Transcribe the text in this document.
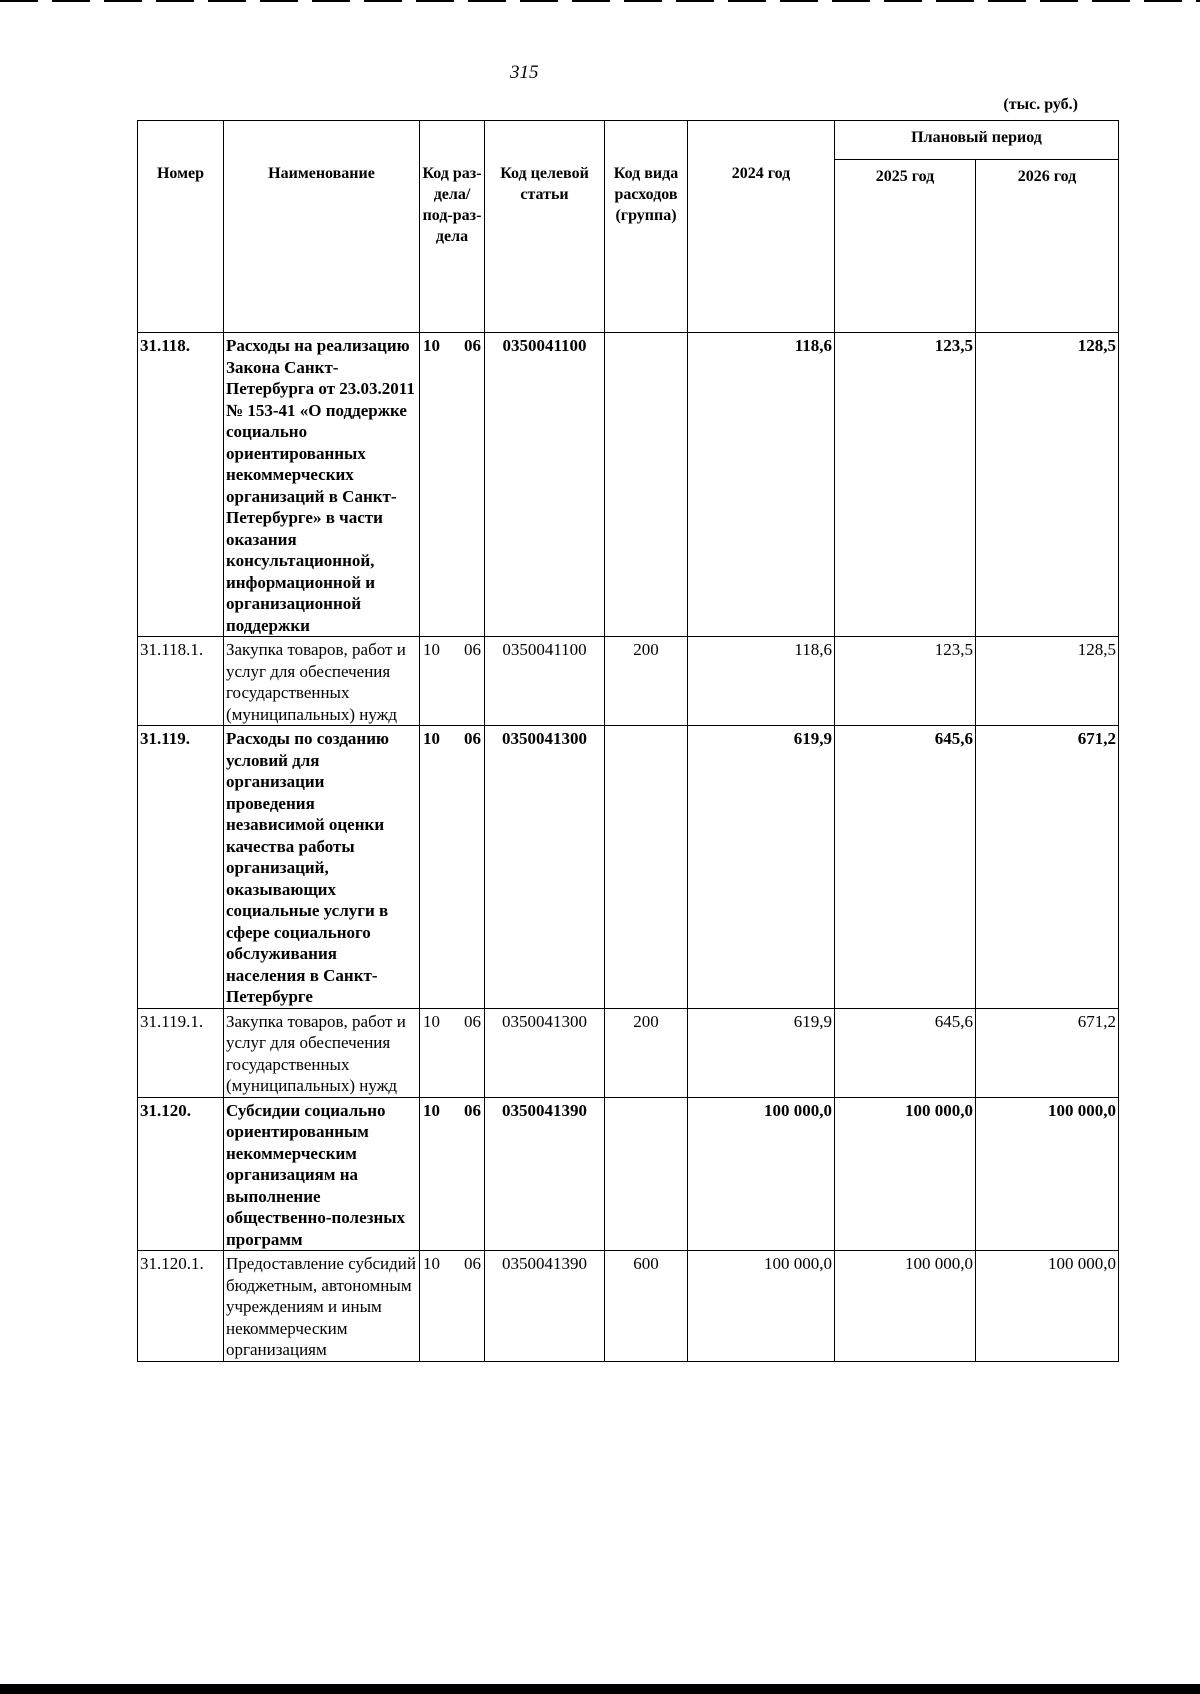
315
(тыс. руб.)
Номер	Наименование	Код раз-дела/ под-раз-дела	Код целевой статьи	Код вида расходов (группа)	2024 год	Плановый период	
						2025 год	2026 год
31.118.	Расходы на реализацию Закона Санкт-Петербурга от 23.03.2011 № 153-41 «О поддержке социально ориентированных некоммерческих организаций в Санкт-Петербурге» в части оказания консультационной, информационной и организационной поддержки	10 06	0350041100		118,6	123,5	128,5
31.118.1.	Закупка товаров, работ и услуг для обеспечения государственных (муниципальных) нужд	10 06	0350041100	200	118,6	123,5	128,5
31.119.	Расходы по созданию условий для организации проведения независимой оценки качества работы организаций, оказывающих социальные услуги в сфере социального обслуживания населения в Санкт-Петербурге	10 06	0350041300		619,9	645,6	671,2
31.119.1.	Закупка товаров, работ и услуг для обеспечения государственных (муниципальных) нужд	10 06	0350041300	200	619,9	645,6	671,2
31.120.	Субсидии социально ориентированным некоммерческим организациям на выполнение общественно-полезных программ	10 06	0350041390		100 000,0	100 000,0	100 000,0
31.120.1.	Предоставление субсидий бюджетным, автономным учреждениям и иным некоммерческим организациям	10 06	0350041390	600	100 000,0	100 000,0	100 000,0
